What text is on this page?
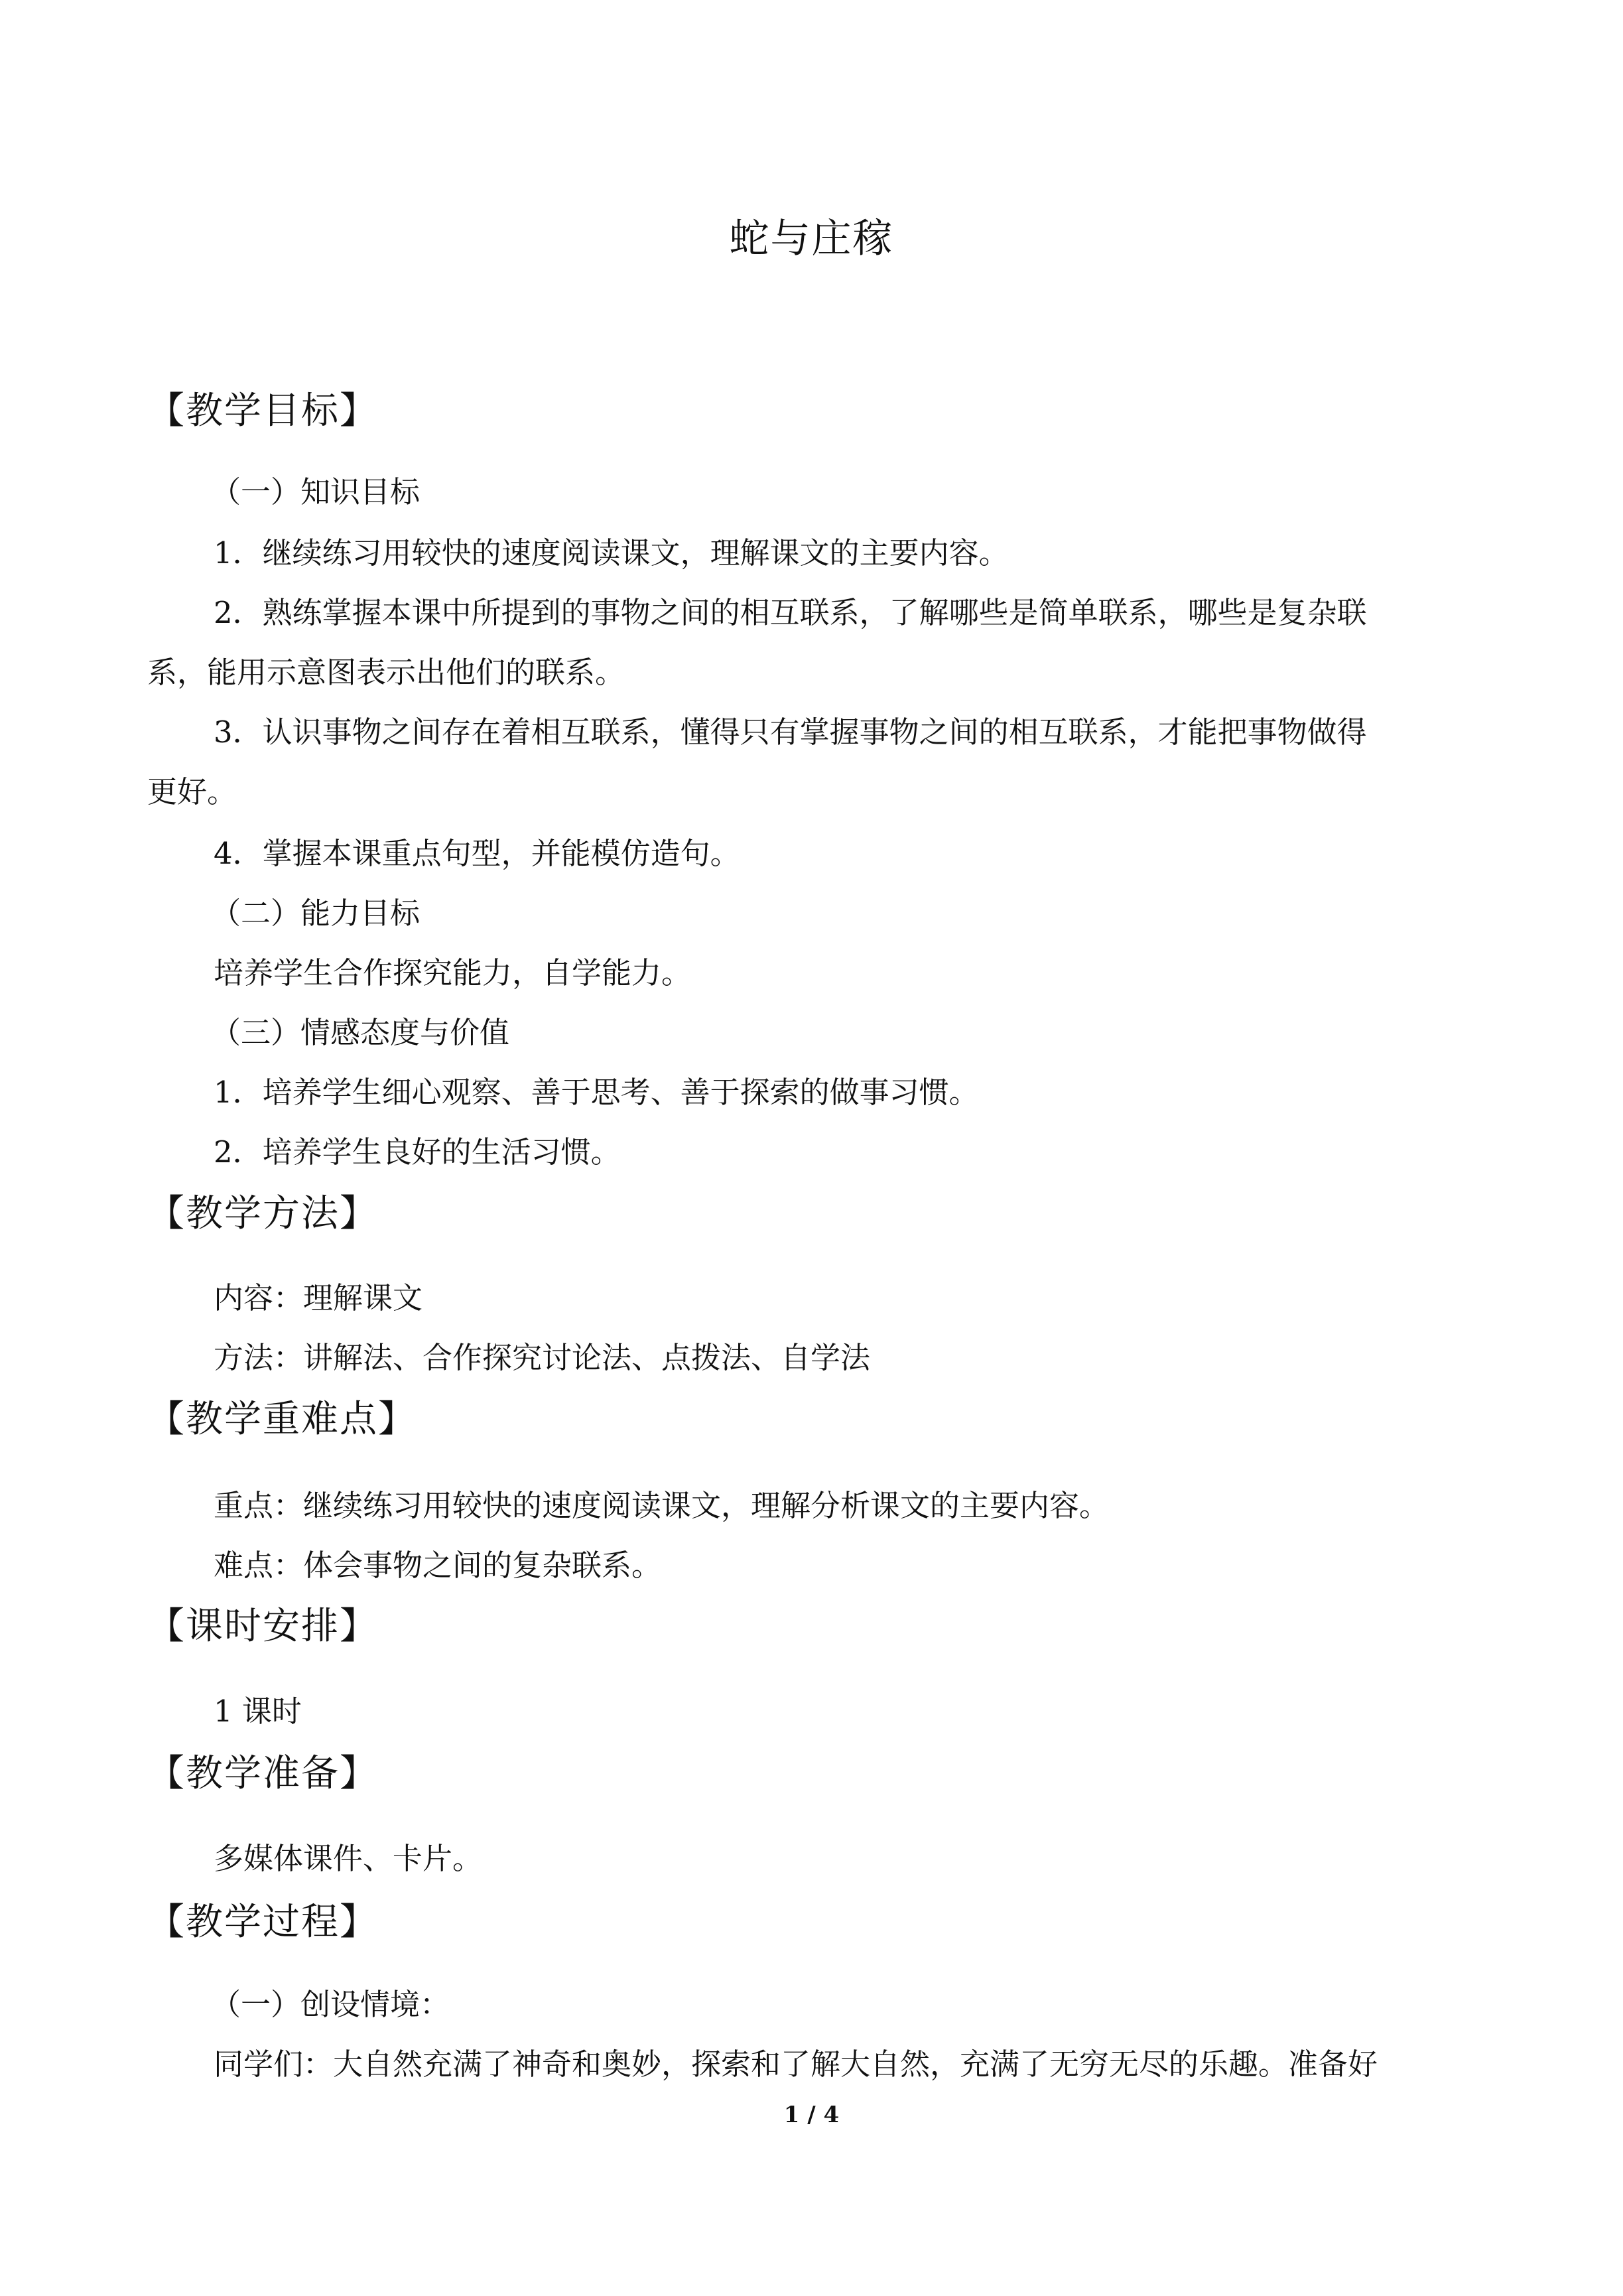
蛇与庄稼
【教学目标】
（一）知识目标
1．继续练习用较快的速度阅读课文，理解课文的主要内容。
2．熟练掌握本课中所提到的事物之间的相互联系，了解哪些是简单联系，哪些是复杂联
系，能用示意图表示出他们的联系。
3．认识事物之间存在着相互联系，懂得只有掌握事物之间的相互联系，才能把事物做得
更好。
4．掌握本课重点句型，并能模仿造句。
（二）能力目标
培养学生合作探究能力，自学能力。
（三）情感态度与价值
1．培养学生细心观察、善于思考、善于探索的做事习惯。
2．培养学生良好的生活习惯。
【教学方法】
内容：理解课文
方法：讲解法、合作探究讨论法、点拨法、自学法
【教学重难点】
重点：继续练习用较快的速度阅读课文，理解分析课文的主要内容。
难点：体会事物之间的复杂联系。
【课时安排】
1 课时
【教学准备】
多媒体课件、卡片。
【教学过程】
（一）创设情境：
同学们：大自然充满了神奇和奥妙，探索和了解大自然，充满了无穷无尽的乐趣。准备好
1 / 4
